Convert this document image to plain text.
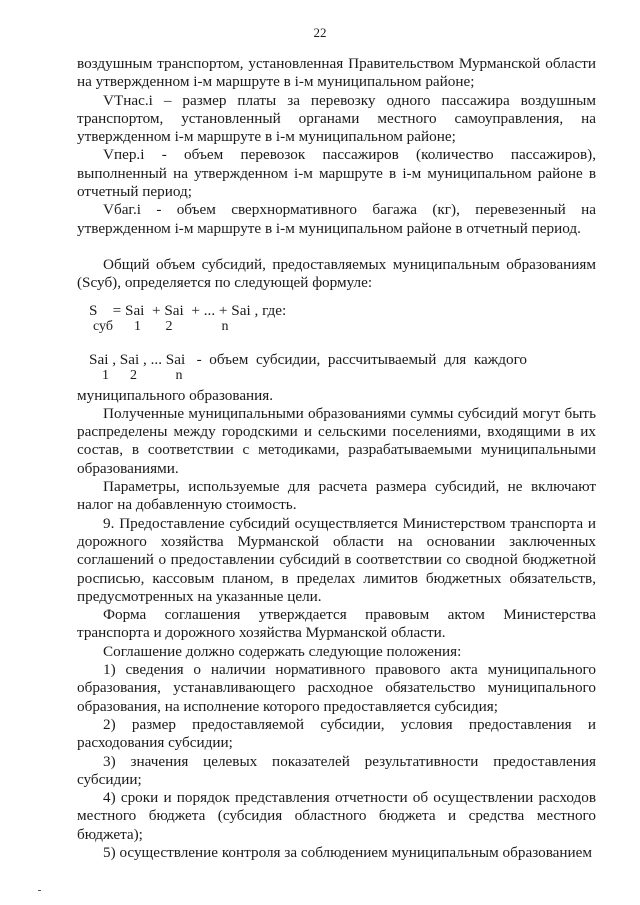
22

воздушным транспортом, установленная Правительством Мурманской области на утвержденном i-м маршруте в i-м муниципальном районе;

VТнас.i – размер платы за перевозку одного пассажира воздушным транспортом, установленный органами местного самоуправления, на утвержденном i-м маршруте в i-м муниципальном районе;

Vпер.i - объем перевозок пассажиров (количество пассажиров), выполненный на утвержденном i-м маршруте в i-м муниципальном районе в отчетный период;

Vбаг.i - объем сверхнормативного багажа (кг), перевезенный на утвержденном i-м маршруте в i-м муниципальном районе в отчетный период.

Общий объем субсидий, предоставляемых муниципальным образованиям (Sсуб), определяется по следующей формуле:

S    = Sai  + Sai  + ... + Sai , где:
суб      1       2              n
Sai , Sai , ... Sai   -  объем  субсидии,  рассчитываемый  для  каждого
1      2           n

муниципального образования.

Полученные муниципальными образованиями суммы субсидий могут быть распределены между городскими и сельскими поселениями, входящими в их состав, в соответствии с методиками, разрабатываемыми муниципальными образованиями.

Параметры, используемые для расчета размера субсидий, не включают налог на добавленную стоимость.

9. Предоставление субсидий осуществляется Министерством транспорта и дорожного хозяйства Мурманской области на основании заключенных соглашений о предоставлении субсидий в соответствии со сводной бюджетной росписью, кассовым планом, в пределах лимитов бюджетных обязательств, предусмотренных на указанные цели.

Форма соглашения утверждается правовым актом Министерства транспорта и дорожного хозяйства Мурманской области.

Соглашение должно содержать следующие положения:

1) сведения о наличии нормативного правового акта муниципального образования, устанавливающего расходное обязательство муниципального образования, на исполнение которого предоставляется субсидия;

2) размер предоставляемой субсидии, условия предоставления и расходования субсидии;

3) значения целевых показателей результативности предоставления субсидии;

4) сроки и порядок представления отчетности об осуществлении расходов местного бюджета (субсидия областного бюджета и средства местного бюджета);

5) осуществление контроля за соблюдением муниципальным образованием
